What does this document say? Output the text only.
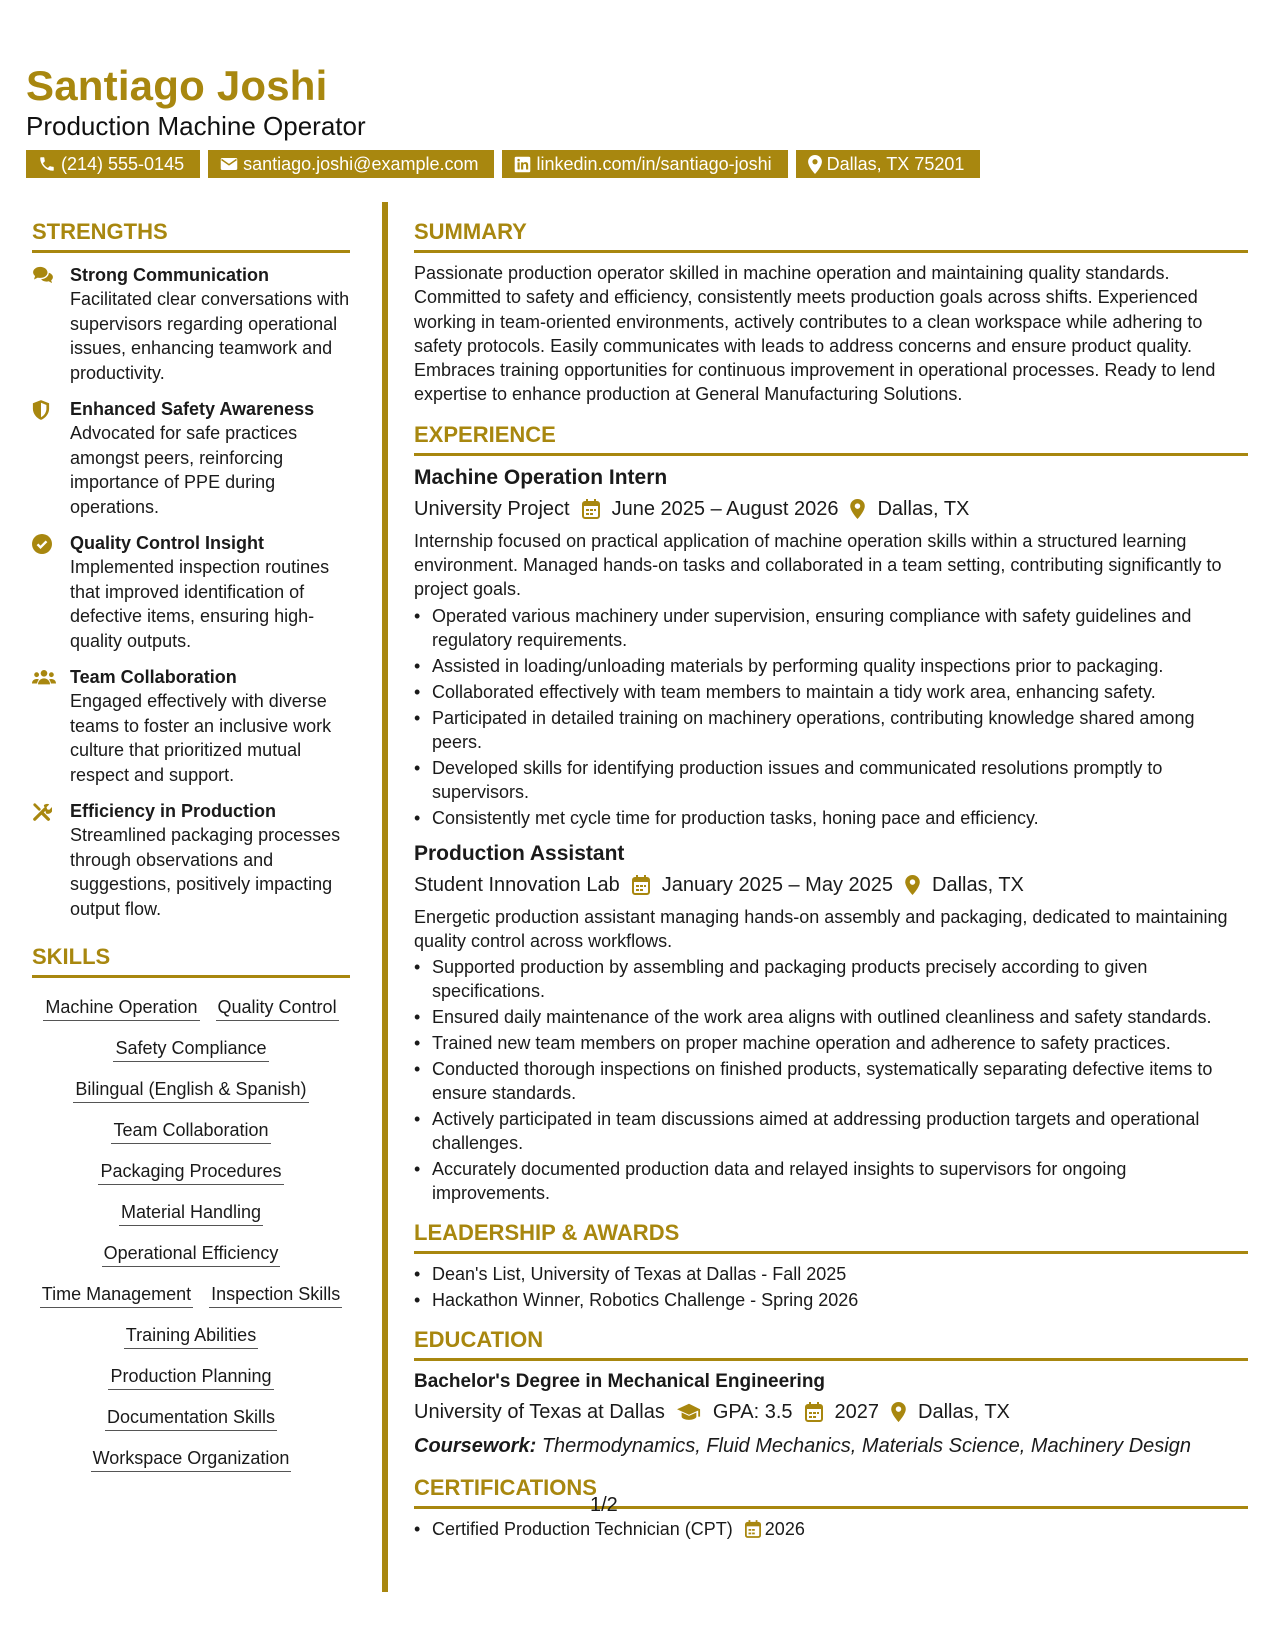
Santiago Joshi
Production Machine Operator
(214) 555-0145	santiago.joshi@example.com	linkedin.com/in/santiago-joshi	Dallas, TX 75201
STRENGTHS
Strong Communication
Facilitated clear conversations with supervisors regarding operational issues, enhancing teamwork and productivity.
Enhanced Safety Awareness
Advocated for safe practices amongst peers, reinforcing importance of PPE during operations.
Quality Control Insight
Implemented inspection routines that improved identification of defective items, ensuring high-quality outputs.
Team Collaboration
Engaged effectively with diverse teams to foster an inclusive work culture that prioritized mutual respect and support.
Efficiency in Production
Streamlined packaging processes through observations and suggestions, positively impacting output flow.
SKILLS
Machine Operation Quality Control
Safety Compliance
Bilingual (English & Spanish)
Team Collaboration
Packaging Procedures
Material Handling
Operational Efficiency
Time Management Inspection Skills
Training Abilities
Production Planning
Documentation Skills
Workspace Organization
SUMMARY

Passionate production operator skilled in machine operation and maintaining quality standards. Committed to safety and efficiency, consistently meets production goals across shifts. Experienced working in team-oriented environments, actively contributes to a clean workspace while adhering to safety protocols. Easily communicates with leads to address concerns and ensure product quality. Embraces training opportunities for continuous improvement in operational processes. Ready to lend expertise to enhance production at General Manufacturing Solutions.

EXPERIENCE
Machine Operation Intern
University Project June 2025 – August 2026 Dallas, TX

Internship focused on practical application of machine operation skills within a structured learning environment. Managed hands-on tasks and collaborated in a team setting, contributing significantly to project goals.

• Operated various machinery under supervision, ensuring compliance with safety guidelines and regulatory requirements.
• Assisted in loading/unloading materials by performing quality inspections prior to packaging.
• Collaborated effectively with team members to maintain a tidy work area, enhancing safety.
• Participated in detailed training on machinery operations, contributing knowledge shared among peers.
• Developed skills for identifying production issues and communicated resolutions promptly to supervisors.
• Consistently met cycle time for production tasks, honing pace and efficiency.
Production Assistant
Student Innovation Lab January 2025 – May 2025 Dallas, TX

Energetic production assistant managing hands-on assembly and packaging, dedicated to maintaining quality control across workflows.

• Supported production by assembling and packaging products precisely according to given specifications.
• Ensured daily maintenance of the work area aligns with outlined cleanliness and safety standards.
• Trained new team members on proper machine operation and adherence to safety practices.
• Conducted thorough inspections on finished products, systematically separating defective items to ensure standards.
• Actively participated in team discussions aimed at addressing production targets and operational challenges.
• Accurately documented production data and relayed insights to supervisors for ongoing improvements.
LEADERSHIP & AWARDS
• Dean's List, University of Texas at Dallas - Fall 2025
• Hackathon Winner, Robotics Challenge - Spring 2026
EDUCATION
Bachelor's Degree in Mechanical Engineering
University of Texas at Dallas GPA: 3.5 2027 Dallas, TX
Coursework: Thermodynamics, Fluid Mechanics, Materials Science, Machinery Design
CERTIFICATIONS
• Certified Production Technician (CPT) 2026
1/2
